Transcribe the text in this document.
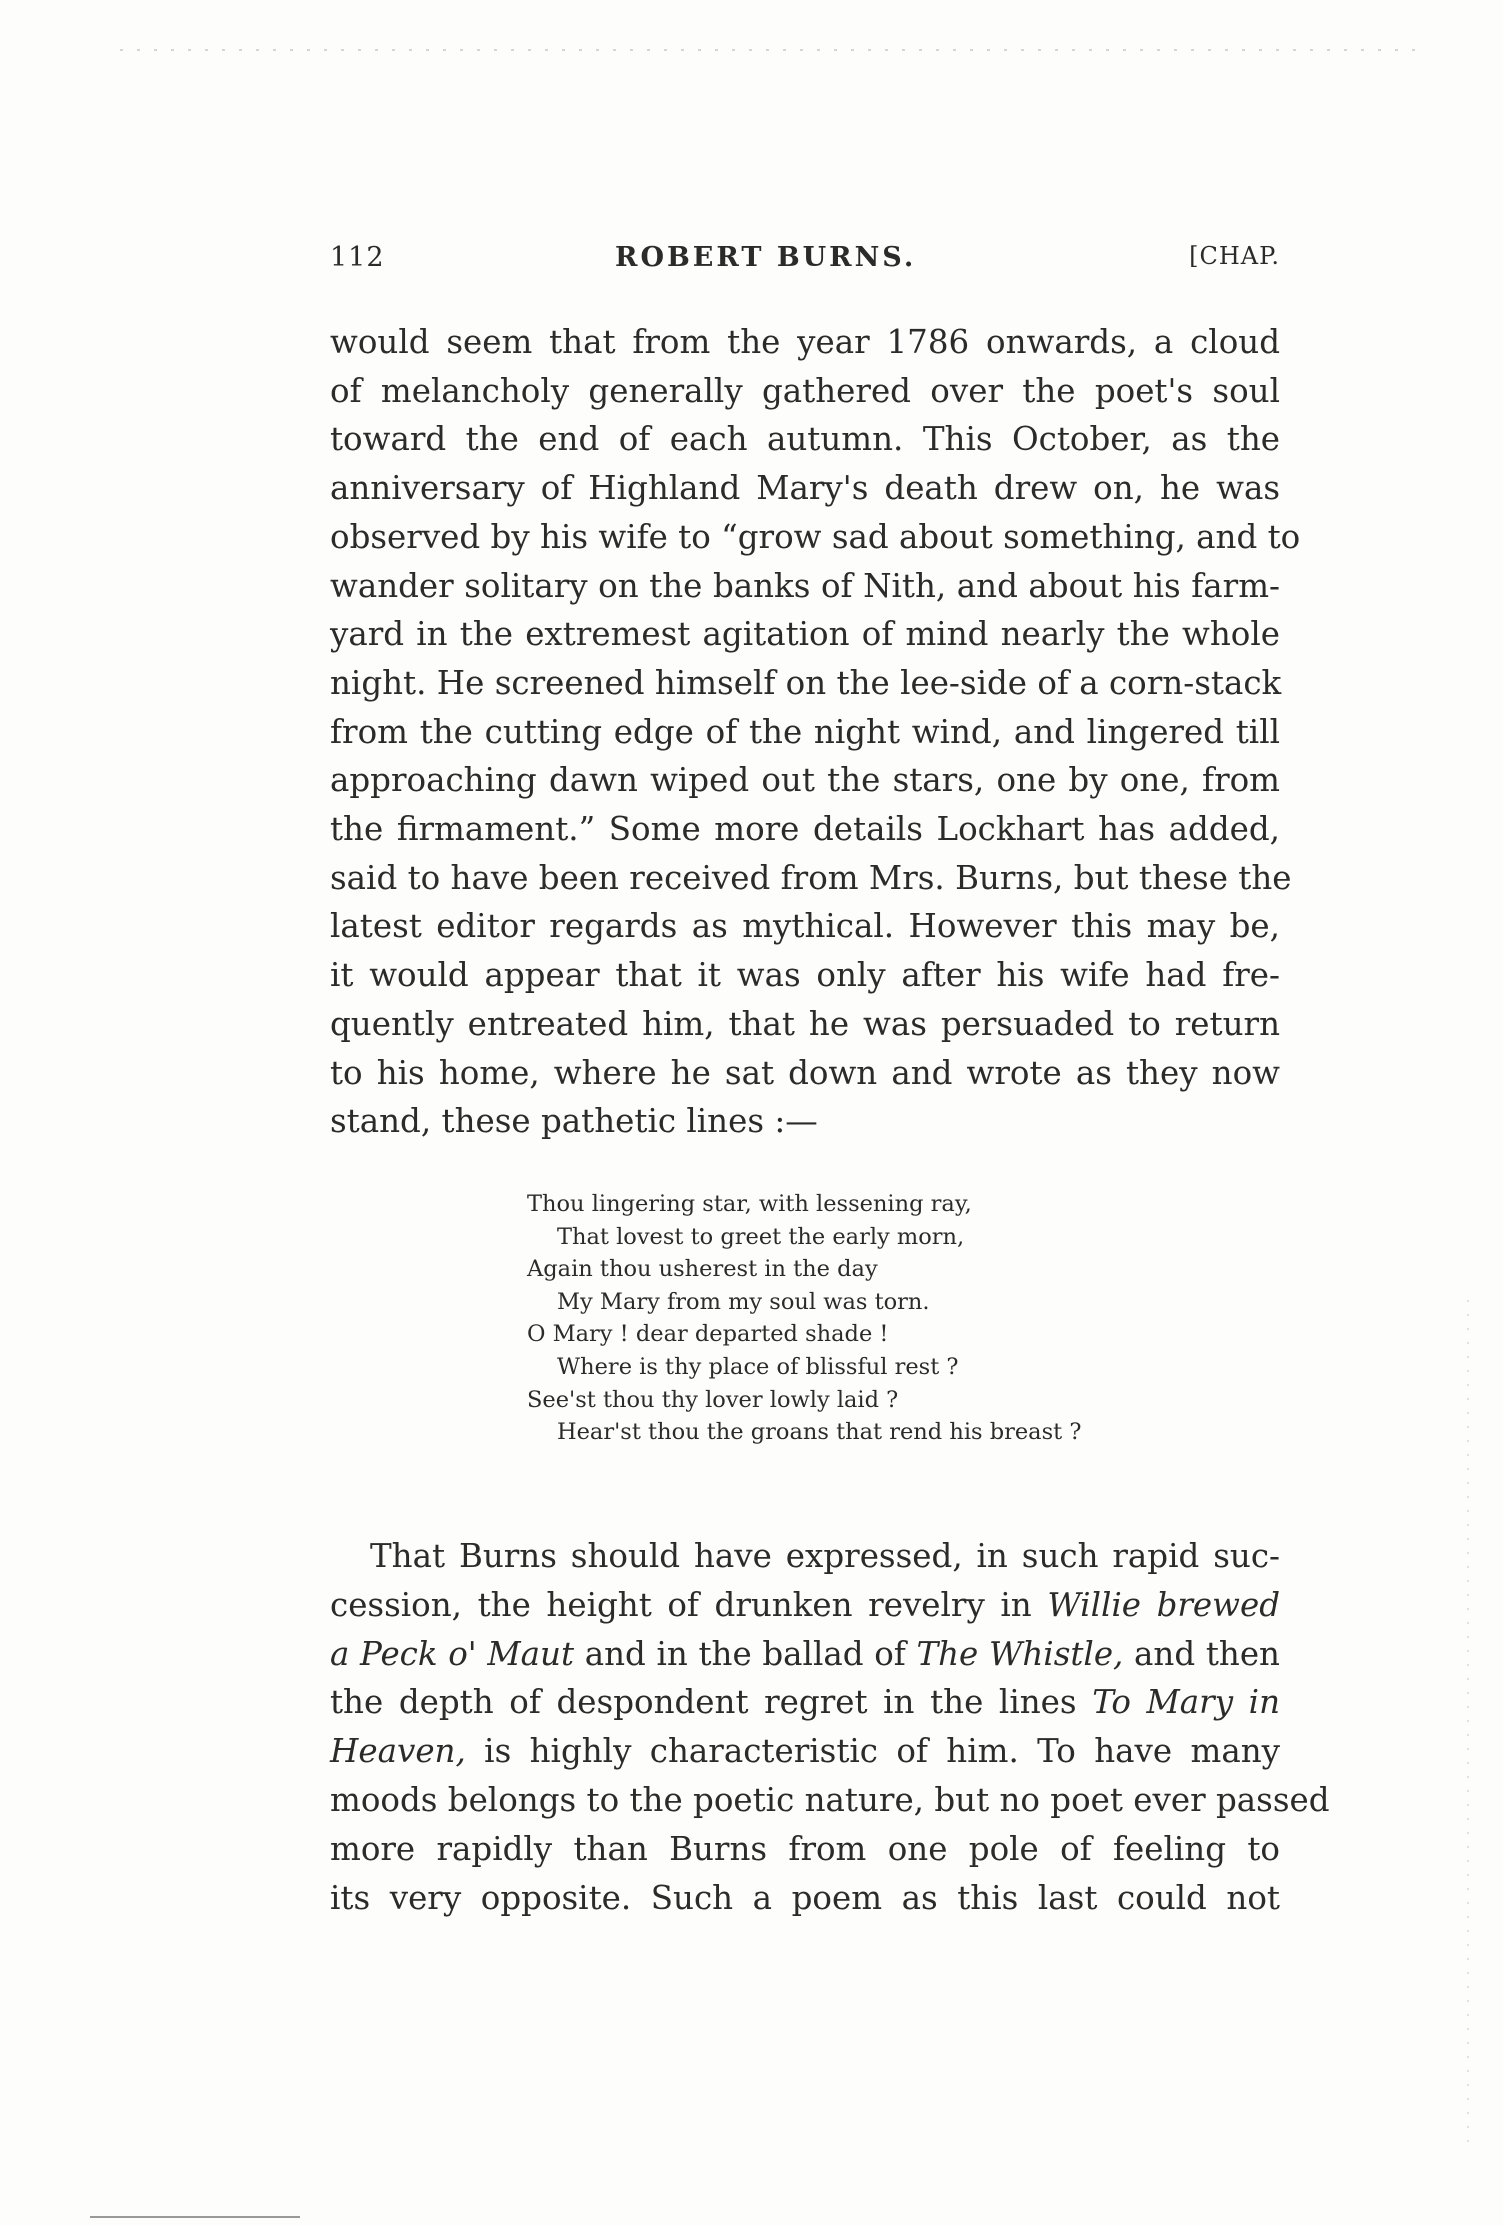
112	ROBERT BURNS.	[CHAP.
would seem that from the year 1786 onwards, a cloud
of melancholy generally gathered over the poet's soul
toward the end of each autumn. This October, as the
anniversary of Highland Mary's death drew on, he was
observed by his wife to “grow sad about something, and to
wander solitary on the banks of Nith, and about his farm-
yard in the extremest agitation of mind nearly the whole
night. He screened himself on the lee-side of a corn-stack
from the cutting edge of the night wind, and lingered till
approaching dawn wiped out the stars, one by one, from
the firmament.” Some more details Lockhart has added,
said to have been received from Mrs. Burns, but these the
latest editor regards as mythical. However this may be,
it would appear that it was only after his wife had fre-
quently entreated him, that he was persuaded to return
to his home, where he sat down and wrote as they now
stand, these pathetic lines :—
Thou lingering star, with lessening ray,
That lovest to greet the early morn,
Again thou usherest in the day
My Mary from my soul was torn.
O Mary ! dear departed shade !
Where is thy place of blissful rest ?
See'st thou thy lover lowly laid ?
Hear'st thou the groans that rend his breast ?
That Burns should have expressed, in such rapid suc-
cession, the height of drunken revelry in Willie brewed
a Peck o' Maut and in the ballad of The Whistle, and then
the depth of despondent regret in the lines To Mary in
Heaven, is highly characteristic of him. To have many
moods belongs to the poetic nature, but no poet ever passed
more rapidly than Burns from one pole of feeling to
its very opposite. Such a poem as this last could not
